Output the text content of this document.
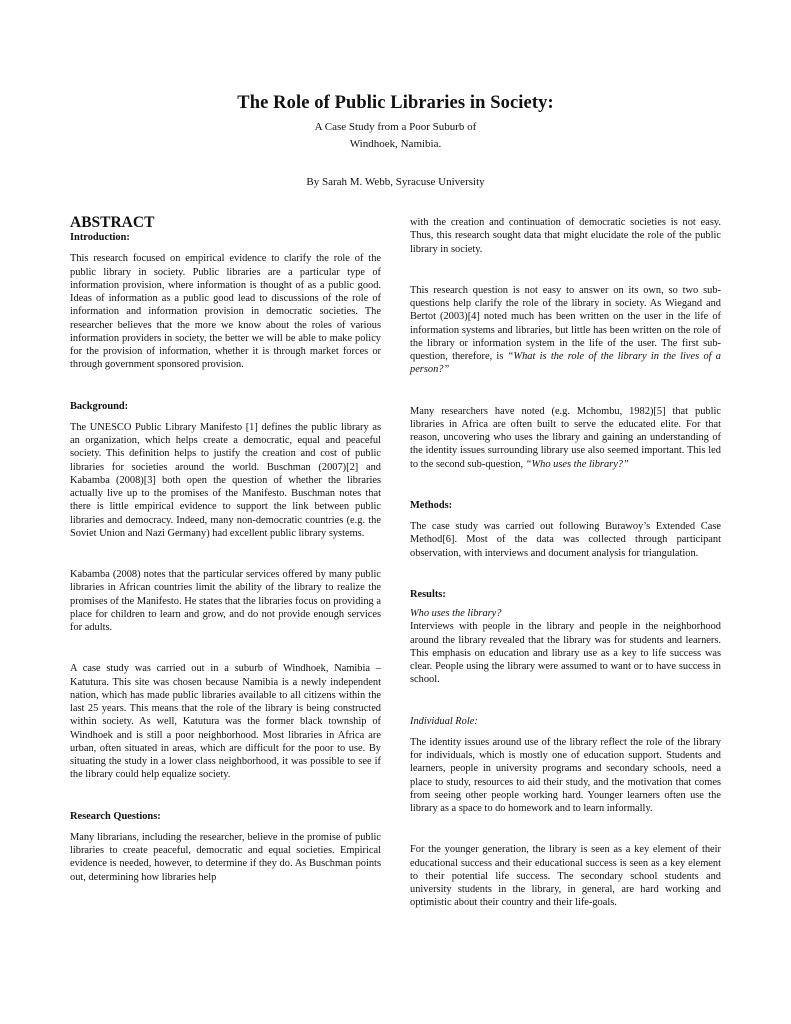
The Role of Public Libraries in Society:
A Case Study from a Poor Suburb of
Windhoek, Namibia.
By Sarah M. Webb, Syracuse University

ABSTRACT

Introduction:

This research focused on empirical evidence to clarify the role of the public library in society. Public libraries are a particular type of information provision, where information is thought of as a public good. Ideas of information as a public good lead to discussions of the role of information and information provision in democratic societies. The researcher believes that the more we know about the roles of various information providers in society, the better we will be able to make policy for the provision of information, whether it is through market forces or through government sponsored provision.

Background:

The UNESCO Public Library Manifesto [1] defines the public library as an organization, which helps create a democratic, equal and peaceful society. This definition helps to justify the creation and cost of public libraries for societies around the world. Buschman (2007)[2] and Kabamba (2008)[3] both open the question of whether the libraries actually live up to the promises of the Manifesto. Buschman notes that there is little empirical evidence to support the link between public libraries and democracy. Indeed, many non-democratic countries (e.g. the Soviet Union and Nazi Germany) had excellent public library systems.

Kabamba (2008) notes that the particular services offered by many public libraries in African countries limit the ability of the library to realize the promises of the Manifesto. He states that the libraries focus on providing a place for children to learn and grow, and do not provide enough services for adults.

A case study was carried out in a suburb of Windhoek, Namibia – Katutura. This site was chosen because Namibia is a newly independent nation, which has made public libraries available to all citizens within the last 25 years. This means that the role of the library is being constructed within society. As well, Katutura was the former black township of Windhoek and is still a poor neighborhood. Most libraries in Africa are urban, often situated in areas, which are difficult for the poor to use. By situating the study in a lower class neighborhood, it was possible to see if the library could help equalize society.

Research Questions:

Many librarians, including the researcher, believe in the promise of public libraries to create peaceful, democratic and equal societies. Empirical evidence is needed, however, to determine if they do. As Buschman points out, determining how libraries help

with the creation and continuation of democratic societies is not easy. Thus, this research sought data that might elucidate the role of the public library in society.

This research question is not easy to answer on its own, so two sub-questions help clarify the role of the library in society. As Wiegand and Bertot (2003)[4] noted much has been written on the user in the life of information systems and libraries, but little has been written on the role of the library or information system in the life of the user. The first sub-question, therefore, is “What is the role of the library in the lives of a person?”

Many researchers have noted (e.g. Mchombu, 1982)[5] that public libraries in Africa are often built to serve the educated elite. For that reason, uncovering who uses the library and gaining an understanding of the identity issues surrounding library use also seemed important. This led to the second sub-question, “Who uses the library?”

Methods:

The case study was carried out following Burawoy’s Extended Case Method[6]. Most of the data was collected through participant observation, with interviews and document analysis for triangulation.

Results:

Who uses the library?

Interviews with people in the library and people in the neighborhood around the library revealed that the library was for students and learners. This emphasis on education and library use as a key to life success was clear. People using the library were assumed to want or to have success in school.

Individual Role:

The identity issues around use of the library reflect the role of the library for individuals, which is mostly one of education support. Students and learners, people in university programs and secondary schools, need a place to study, resources to aid their study, and the motivation that comes from seeing other people working hard. Younger learners often use the library as a space to do homework and to learn informally.

For the younger generation, the library is seen as a key element of their educational success and their educational success is seen as a key element to their potential life success. The secondary school students and university students in the library, in general, are hard working and optimistic about their country and their life-goals.
